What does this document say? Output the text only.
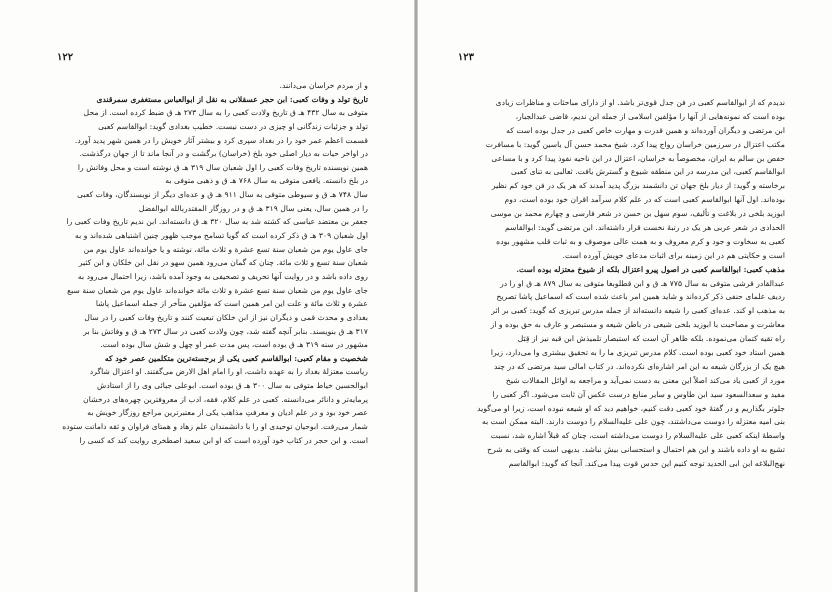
۱۲۲
و از مردم خراسان می‌دانند.
تاریخ تولد و وفات کعبی: ابن حجر عسقلانی به نقل از ابوالعباس مستغفری سمرقندی
متوفی به سال ۴۳۲ هـ ق تاریخ ولادت کعبی را به سال ۲۷۳ هـ ق ضبط کرده است. از محل
تولد و جزئیات زندگانی او چیزی در دست نیست. خطیب بغدادی گوید: ابوالقاسم کعبی
قسمت اعظم عمر خود را در بغداد سپری کرد و بیشتر آثار خویش را در همین شهر پدید آورد.
در اواخر حیات به دیار اصلی خود بلخ (خراسان) برگشت و در آنجا ماند تا از جهان درگذشت.
همین نویسنده تاریخ وفات کعبی را اول شعبان سال ۳۱۹ هـ ق نوشته است و محل وفاتش را
در بلخ دانسته. یافعی متوفی به سال ۷۶۸ هـ ق و ذهبی متوفی به
سال ۷۴۸ هـ ق و سیوطی متوفی به سال ۹۱۱ هـ ق و عده‌ای دیگر از نویسندگان، وفات کعبی
را در همین سال، یعنی سال ۳۱۹ هـ ق و در روزگار المقتدربالله ابوالفضل
جعفر بن معتضد عباسی که کشته شد به سال ۳۲۰ هـ ق دانسته‌اند. ابن ندیم تاریخ وفات کعبی را
اول شعبان ۳۰۹ هـ ق ذکر کرده است که گویا تسامح موجب ظهور چنین اشتباهی شده‌اند و به
جای عاول یوم من شعبان سنة تسع عشرة و ثلاث مائة، نوشته و یا خوانده‌اند عاول یوم من
شعبان سنة تسع و ثلاث مائة. چنان که گمان می‌رود همین سهو در نقل ابن خلکان و ابن کثیر
روی داده باشد و در روایت آنها تحریف و تصحیفی به وجود آمده باشد، زیرا احتمال می‌رود به
جای عاول یوم من شعبان سنة تسع عشرة و ثلاث مائة خوانده‌اند عاول یوم من شعبان سنة سبع
عشرة و ثلاث مائة و علت این امر همین است که مؤلفین متأخر از جمله اسماعیل پاشا
بغدادی و محدث قمی و دیگران نیز از ابن خلکان تبعیت کنند و تاریخ وفات کعبی را در سال
۳۱۷ هـ ق بنویسند. بنابر آنچه گفته شد، چون ولادت کعبی در سال ۲۷۳ هـ ق و وفاتش بنا بر
مشهور در سنه ۳۱۹ هـ ق بوده است، پس مدت عمر او چهل و شش سال بوده است.
شخصیت و مقام کعبی: ابوالقاسم کعبی یکی از برجسته‌ترین متکلمین عصر خود که
ریاست معتزلهٔ بغداد را به عهده داشت، او را امام اهل الارض می‌گفتند. او اعتزال شاگرد
ابوالحسین خیاط متوفی به سال ۳۰۰ هـ ق بوده است. ابوعلی جبائی وی را از استادش
پرمایه‌تر و دانائر می‌دانسته. کعبی در علم کلام، فقه، ادب از معروفترین چهره‌های درخشان
عصر خود بود و در علم ادیان و معرفتِ مذاهب یکی از معتبرترین مراجع روزگار خویش به
شمار می‌رفت. ابوحیان توحیدی او را با دانشمندان علم زهاد و همتای فراوان و ثقه داماتت ستوده
است. و ابن حجر در کتاب خود آورده است که او ابن سعید اصطخری روایت کند که کسی را
۱۲۳
ندیدم که از ابوالقاسم کعبی در فن جدل قوی‌تر باشد. او از دارای مباحثات و مناظرات زیادی
بوده است که نمونه‌هایی از آنها را مؤلفین اسلامی از جمله ابن ندیم، قاضی عبدالجبار،
ابن مرتضی و دیگران آورده‌اند و همین قدرت و مهارت خاص کعبی در جدل بوده است که
مکتب اعتزال در سرزمین خراسان رواج پیدا کرد. شیخ محمد حسن آل یاسین گوید: با مسافرت
حفص بن سالم به ایران، مخصوصاً به خراسان، اعتزال در این ناحیه نفوذ پیدا کرد و با مساعی
ابوالقاسم کعبی، این مدرسه در این منطقه شیوع و گسترش یافت. ثعالبی به تنای کعبی
برخاسته و گوید: از دیار بلخ جهان تن دانشمند بزرگ پدید آمدند که هر یک در فن خود کم نظیر
بوده‌اند. اول آنها ابوالقاسم کعبی است که در علم کلام سرآمد اقران خود بوده است، دوم
ابوزید بلخی در بلاغت و تألیف، سوم سهل بن حسن در شعر فارسی و چهارم محمد بن موسی
الحدادی در شعر عربی هر یک در رتبهٔ نخست قرار داشته‌اند. ابن مرتضی گوید: ابوالقاسم
کعبی به سخاوت و جود و کرم معروف و به همت عالی موصوف و به ثبات قلب مشهور بوده
است و حکایتی هم در این زمینه برای اثبات مدعای خویش آورده است.
مذهب کعبی: ابوالقاسم کعبی در اصول پیرو اعتزال بلکه از شیوخ معتزله بوده است.
عبدالقادر قرشی متوفی به سال ۷۷۵ هـ ق و ابن قطلوبغا متوفی به سال ۸۷۹ هـ ق او را در
ردیف علمای حنفی ذکر کرده‌اند و شاید همین امر باعث شده است که اسماعیل پاشا تصریح
به مذهب او کند. عده‌ای کعبی را شیعه دانسته‌اند از جمله مدرس تبریزی که گوید: کعبی بر اثر
معاشرت و مصاحبت با ابوزید بلخی شیعی در باطن شیعه و مستبصر و عارف به حق بوده و از
راه تقیه کتمان می‌نموده. بلکه ظاهر آن است که استبصار تلمیذش ابن قبه نیز از قِبَل
همین استاد خود کعبی بوده است. کلام مدرس تبریزی ما را به تحقیق بیشتری وا می‌دارد، زیرا
هیچ یک از بزرگان شیعه به این امر اشاره‌ای نکرده‌اند. در کتاب امالی سید مرتضی که در چند
مورد از کعبی یاد می‌کند اصلاً این معنی به دست نمی‌آید و مراجعه به اوائل المقالات شیخ
مفید و سعدالسعود سید ابن طاوس و سایر منابع درست عکس آن ثابت می‌شود. اگر کعبی را
جلوتر بگذاریم و در گفتهٔ خود کعبی دقت کنیم، خواهیم دید که او شیعه نبوده است، زیرا او می‌گوید
بنی امیه معتزله را دوست می‌داشتند، چون علی علیه‌السلام را دوست دارند. البته ممکن است به
واسطهٔ اینکه کعبی علی علیه‌السلام را دوست می‌داشته است، چنان که قبلاً اشاره شد، نسبت
تشیع به او داده باشند و این هم احتمال و استحسانی بیش نباشد. بدیهی است که وقتی به شرح
نهج‌البلاغه ابن ابی الحدید توجه کنیم این حدس قوت پیدا می‌کند. آنجا که گوید: ابوالقاسم
